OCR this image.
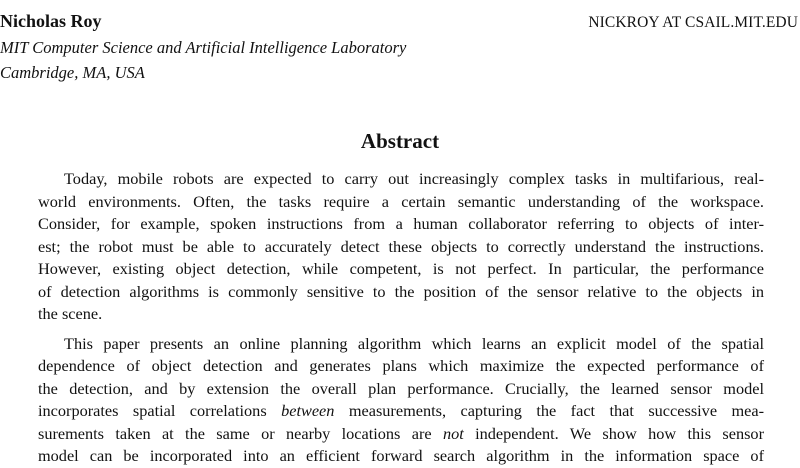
Nicholas Roy	NICKROY AT CSAIL.MIT.EDU
MIT Computer Science and Artificial Intelligence Laboratory
Cambridge, MA, USA
Abstract

Today, mobile robots are expected to carry out increasingly complex tasks in multifarious, real-
world environments. Often, the tasks require a certain semantic understanding of the workspace.
Consider, for example, spoken instructions from a human collaborator referring to objects of inter-
est; the robot must be able to accurately detect these objects to correctly understand the instructions.
However, existing object detection, while competent, is not perfect. In particular, the performance
of detection algorithms is commonly sensitive to the position of the sensor relative to the objects in
the scene.

This paper presents an online planning algorithm which learns an explicit model of the spatial
dependence of object detection and generates plans which maximize the expected performance of
the detection, and by extension the overall plan performance. Crucially, the learned sensor model
incorporates spatial correlations between measurements, capturing the fact that successive mea-
surements taken at the same or nearby locations are not independent. We show how this sensor
model can be incorporated into an efficient forward search algorithm in the information space of
